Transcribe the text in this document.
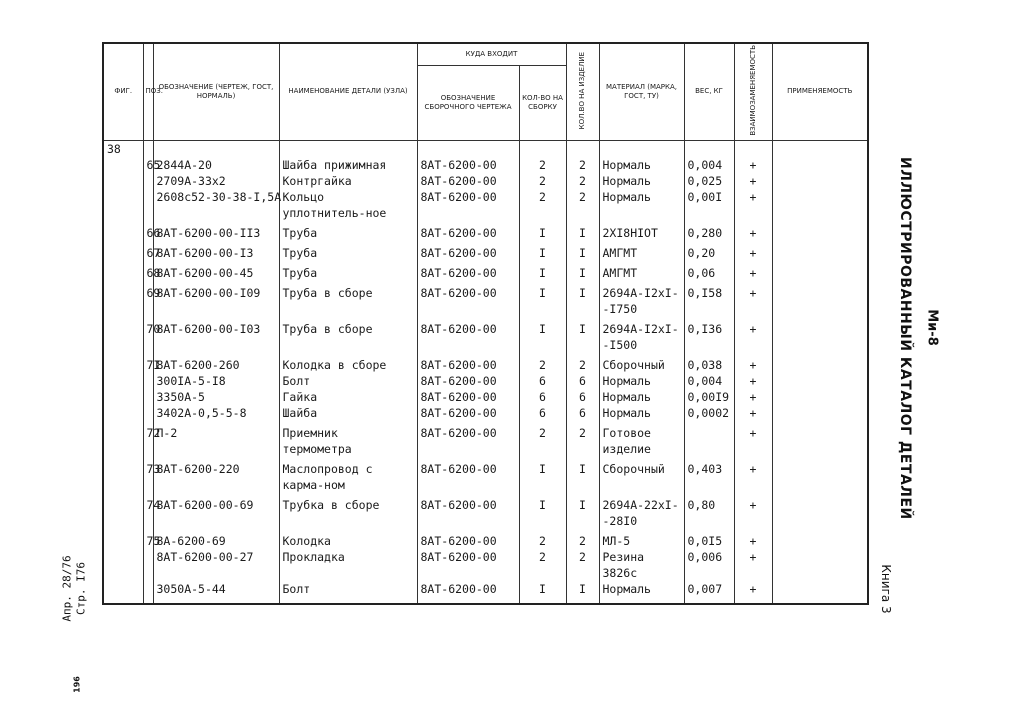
ФИГ.	ПОЗ.	ОБОЗНАЧЕНИЕ (ЧЕРТЕЖ, ГОСТ, НОРМАЛЬ)	НАИМЕНОВАНИЕ ДЕТАЛИ (УЗЛА)	КУДА ВХОДИТ		КОЛ.ВО НА ИЗДЕЛИЕ	МАТЕРИАЛ (МАРКА, ГОСТ, ТУ)	ВЕС, КГ	ВЗАИМОЗАМЕНЯЕМОСТЬ	ПРИМЕНЯЕМОСТЬ
				ОБОЗНАЧЕНИЕ СБОРОЧНОГО ЧЕРТЕЖА	КОЛ-ВО НА СБОРКУ					
38										
	65	2844А-20	Шайба прижимная	8АТ-6200-00	2	2	Нормаль	0,004	+	
		2709А-33х2	Контргайка	8АТ-6200-00	2	2	Нормаль	0,025	+	
		2608с52-30-38-I,5А	Кольцо уплотнитель-ное	8АТ-6200-00	2	2	Нормаль	0,00I	+	
	66	8АТ-6200-00-II3	Труба	8АТ-6200-00	I	I	2ХI8НIОТ	0,280	+	
	67	8АТ-6200-00-I3	Труба	8АТ-6200-00	I	I	АМГМТ	0,20	+	
	68	8АТ-6200-00-45	Труба	8АТ-6200-00	I	I	АМГМТ	0,06	+	
	69	8АТ-6200-00-I09	Труба в сборе	8АТ-6200-00	I	I	2694А-I2хI--I750	0,I58	+	
	70	8АТ-6200-00-I03	Труба в сборе	8АТ-6200-00	I	I	2694А-I2хI--I500	0,I36	+	
	7I	8АТ-6200-260	Колодка в сборе	8АТ-6200-00	2	2	Сборочный	0,038	+	
		300IА-5-I8	Болт	8АТ-6200-00	6	6	Нормаль	0,004	+	
		3350А-5	Гайка	8АТ-6200-00	6	6	Нормаль	0,00I9	+	
		3402А-0,5-5-8	Шайба	8АТ-6200-00	6	6	Нормаль	0,0002	+	
	72	П-2	Приемник термометра	8АТ-6200-00	2	2	Готовое изделие		+	
	73	8АТ-6200-220	Маслопровод с карма-ном	8АТ-6200-00	I	I	Сборочный	0,403	+	
	74	8АТ-6200-00-69	Трубка в сборе	8АТ-6200-00	I	I	2694А-22хI--28I0	0,80	+	
	75	8А-6200-69	Колодка	8АТ-6200-00	2	2	МЛ-5	0,0I5	+	
		8АТ-6200-00-27	Прокладка	8АТ-6200-00	2	2	Резина 3826с	0,006	+	
		3050А-5-44	Болт	8АТ-6200-00	I	I	Нормаль	0,007	+	

Ми-8
ИЛЛЮСТРИРОВАННЫЙ КАТАЛОГ ДЕТАЛЕЙ
Книга 3
Стр. I76
Апр. 28/76
196
